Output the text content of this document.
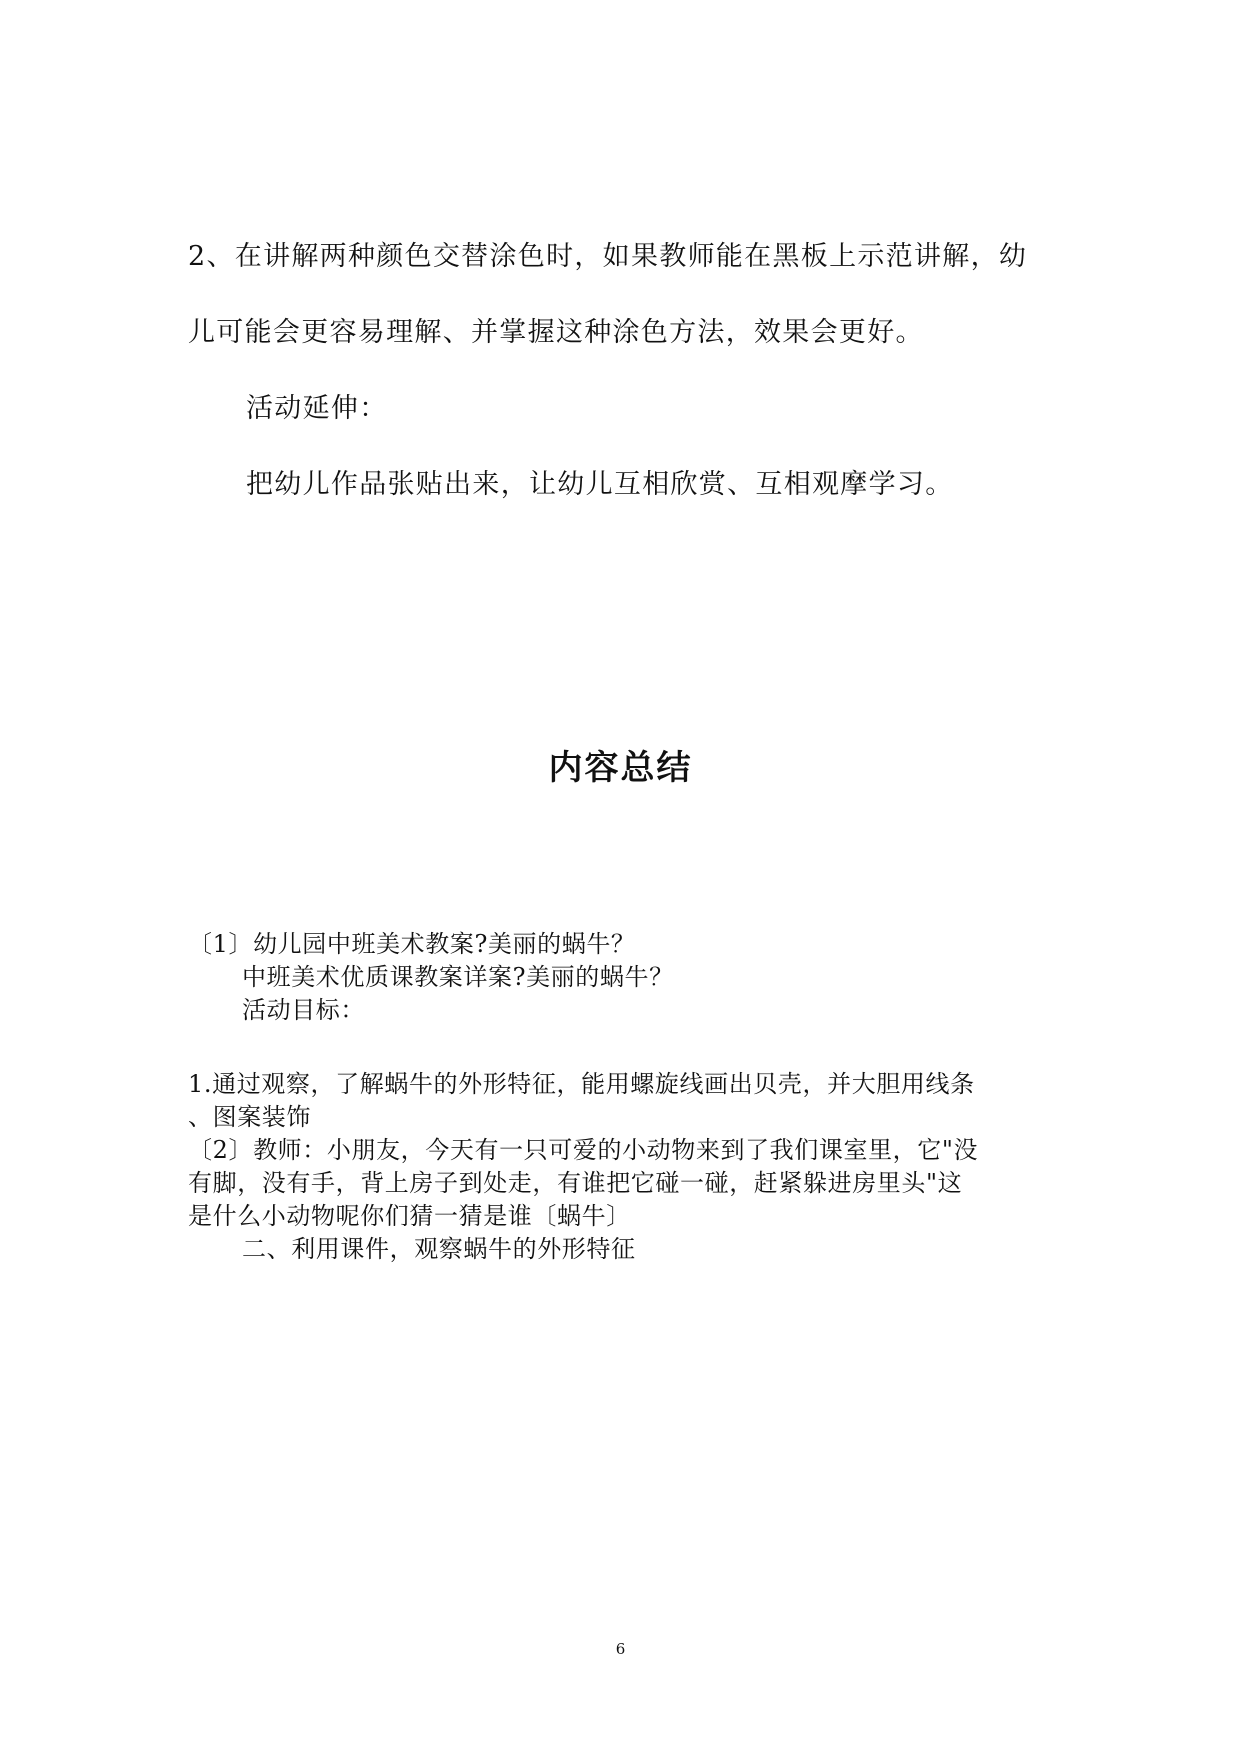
2、在讲解两种颜色交替涂色时，如果教师能在黑板上示范讲解，幼

儿可能会更容易理解、并掌握这种涂色方法，效果会更好。

活动延伸：

把幼儿作品张贴出来，让幼儿互相欣赏、互相观摩学习。

内容总结

〔1〕幼儿园中班美术教案?美丽的蜗牛？

中班美术优质课教案详案?美丽的蜗牛？

活动目标：

1.通过观察，了解蜗牛的外形特征，能用螺旋线画出贝壳，并大胆用线条

、图案装饰

〔2〕教师：小朋友，今天有一只可爱的小动物来到了我们课室里，它"没

有脚，没有手，背上房子到处走，有谁把它碰一碰，赶紧躲进房里头"这

是什么小动物呢你们猜一猜是谁〔蜗牛〕

二、利用课件，观察蜗牛的外形特征

6
